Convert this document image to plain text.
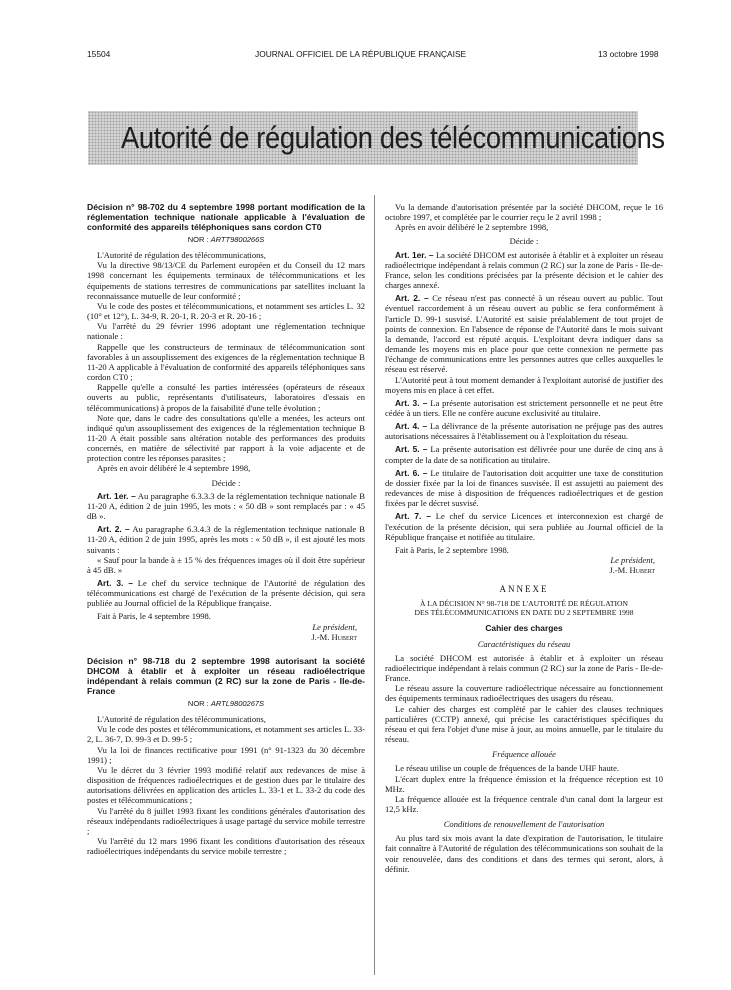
15504	JOURNAL OFFICIEL DE LA RÉPUBLIQUE FRANÇAISE	13 octobre 1998
Autorité de régulation des télécommunications
Décision n° 98-702 du 4 septembre 1998 portant modification de la réglementation technique nationale applicable à l'évaluation de conformité des appareils téléphoniques sans cordon CT0
NOR : ARTT9800266S

L'Autorité de régulation des télécommunications,

Vu la directive 98/13/CE du Parlement européen et du Conseil du 12 mars 1998 concernant les équipements terminaux de télécommunications et les équipements de stations terrestres de communications par satellites incluant la reconnaissance mutuelle de leur conformité ;

Vu le code des postes et télécommunications, et notamment ses articles L. 32 (10° et 12°), L. 34-9, R. 20-1, R. 20-3 et R. 20-16 ;

Vu l'arrêté du 29 février 1996 adoptant une réglementation technique nationale :

Rappelle que les constructeurs de terminaux de télécommunication sont favorables à un assouplissement des exigences de la réglementation technique B 11-20 A applicable à l'évaluation de conformité des appareils téléphoniques sans cordon CT0 ;

Rappelle qu'elle a consulté les parties intéressées (opérateurs de réseaux ouverts au public, représentants d'utilisateurs, laboratoires d'essais en télécommunications) à propos de la faisabilité d'une telle évolution ;

Note que, dans le cadre des consultations qu'elle a menées, les acteurs ont indiqué qu'un assouplissement des exigences de la réglementation technique B 11-20 A était possible sans altération notable des performances des produits concernés, en matière de sélectivité par rapport à la voie adjacente et de protection contre les réponses parasites ;

Après en avoir délibéré le 4 septembre 1998,

Décide :

Art. 1er. – Au paragraphe 6.3.3.3 de la réglementation technique nationale B 11-20 A, édition 2 de juin 1995, les mots : « 50 dB » sont remplacés par : « 45 dB ».

Art. 2. – Au paragraphe 6.3.4.3 de la réglementation technique nationale B 11-20 A, édition 2 de juin 1995, après les mots : « 50 dB », il est ajouté les mots suivants :

« Sauf pour la bande à ± 15 % des fréquences images où il doit être supérieur à 45 dB. »

Art. 3. – Le chef du service technique de l'Autorité de régulation des télécommunications est chargé de l'exécution de la présente décision, qui sera publiée au Journal officiel de la République française.

Fait à Paris, le 4 septembre 1998.

Le président,

J.-M. Hubert

Décision n° 98-718 du 2 septembre 1998 autorisant la société DHCOM à établir et à exploiter un réseau radioélectrique indépendant à relais commun (2 RC) sur la zone de Paris - Ile-de-France
NOR : ARTL9800267S

L'Autorité de régulation des télécommunications,

Vu le code des postes et télécommunications, et notamment ses articles L. 33-2, L. 36-7, D. 99-3 et D. 99-5 ;

Vu la loi de finances rectificative pour 1991 (n° 91-1323 du 30 décembre 1991) ;

Vu le décret du 3 février 1993 modifié relatif aux redevances de mise à disposition de fréquences radioélectriques et de gestion dues par le titulaire des autorisations délivrées en application des articles L. 33-1 et L. 33-2 du code des postes et télécommunications ;

Vu l'arrêté du 8 juillet 1993 fixant les conditions générales d'autorisation des réseaux indépendants radioélectriques à usage partagé du service mobile terrestre ;

Vu l'arrêté du 12 mars 1996 fixant les conditions d'autorisation des réseaux radioélectriques indépendants du service mobile terrestre ;

Vu la demande d'autorisation présentée par la société DHCOM, reçue le 16 octobre 1997, et complétée par le courrier reçu le 2 avril 1998 ;

Après en avoir délibéré le 2 septembre 1998,

Décide :

Art. 1er. – La société DHCOM est autorisée à établir et à exploiter un réseau radioélectrique indépendant à relais commun (2 RC) sur la zone de Paris - Ile-de-France, selon les conditions précisées par la présente décision et le cahier des charges annexé.

Art. 2. – Ce réseau n'est pas connecté à un réseau ouvert au public. Tout éventuel raccordement à un réseau ouvert au public se fera conformément à l'article D. 99-1 susvisé. L'Autorité est saisie préalablement de tout projet de points de connexion. En l'absence de réponse de l'Autorité dans le mois suivant la demande, l'accord est réputé acquis. L'exploitant devra indiquer dans sa demande les moyens mis en place pour que cette connexion ne permette pas l'échange de communications entre les personnes autres que celles auxquelles le réseau est réservé.

L'Autorité peut à tout moment demander à l'exploitant autorisé de justifier des moyens mis en place à cet effet.

Art. 3. – La présente autorisation est strictement personnelle et ne peut être cédée à un tiers. Elle ne confère aucune exclusivité au titulaire.

Art. 4. – La délivrance de la présente autorisation ne préjuge pas des autres autorisations nécessaires à l'établissement ou à l'exploitation du réseau.

Art. 5. – La présente autorisation est délivrée pour une durée de cinq ans à compter de la date de sa notification au titulaire.

Art. 6. – Le titulaire de l'autorisation doit acquitter une taxe de constitution de dossier fixée par la loi de finances susvisée. Il est assujetti au paiement des redevances de mise à disposition de fréquences radioélectriques et de gestion fixées par le décret susvisé.

Art. 7. – Le chef du service Licences et interconnexion est chargé de l'exécution de la présente décision, qui sera publiée au Journal officiel de la République française et notifiée au titulaire.

Fait à Paris, le 2 septembre 1998.

Le président,

J.-M. Hubert

ANNEXE

À LA DÉCISION N° 98-718 DE L'AUTORITÉ DE RÉGULATION

DES TÉLÉCOMMUNICATIONS EN DATE DU 2 SEPTEMBRE 1998

Cahier des charges

Caractéristiques du réseau

La société DHCOM est autorisée à établir et à exploiter un réseau radioélectrique indépendant à relais commun (2 RC) sur la zone de Paris - Ile-de-France.

Le réseau assure la couverture radioélectrique nécessaire au fonctionnement des équipements terminaux radioélectriques des usagers du réseau.

Le cahier des charges est complété par le cahier des clauses techniques particulières (CCTP) annexé, qui précise les caractéristiques spécifiques du réseau et qui fera l'objet d'une mise à jour, au moins annuelle, par le titulaire du réseau.

Fréquence allouée

Le réseau utilise un couple de fréquences de la bande UHF haute.

L'écart duplex entre la fréquence émission et la fréquence réception est 10 MHz.

La fréquence allouée est la fréquence centrale d'un canal dont la largeur est 12,5 kHz.

Conditions de renouvellement de l'autorisation

Au plus tard six mois avant la date d'expiration de l'autorisation, le titulaire fait connaître à l'Autorité de régulation des télécommunications son souhait de la voir renouvelée, dans des conditions et dans des termes qui seront, alors, à définir.
